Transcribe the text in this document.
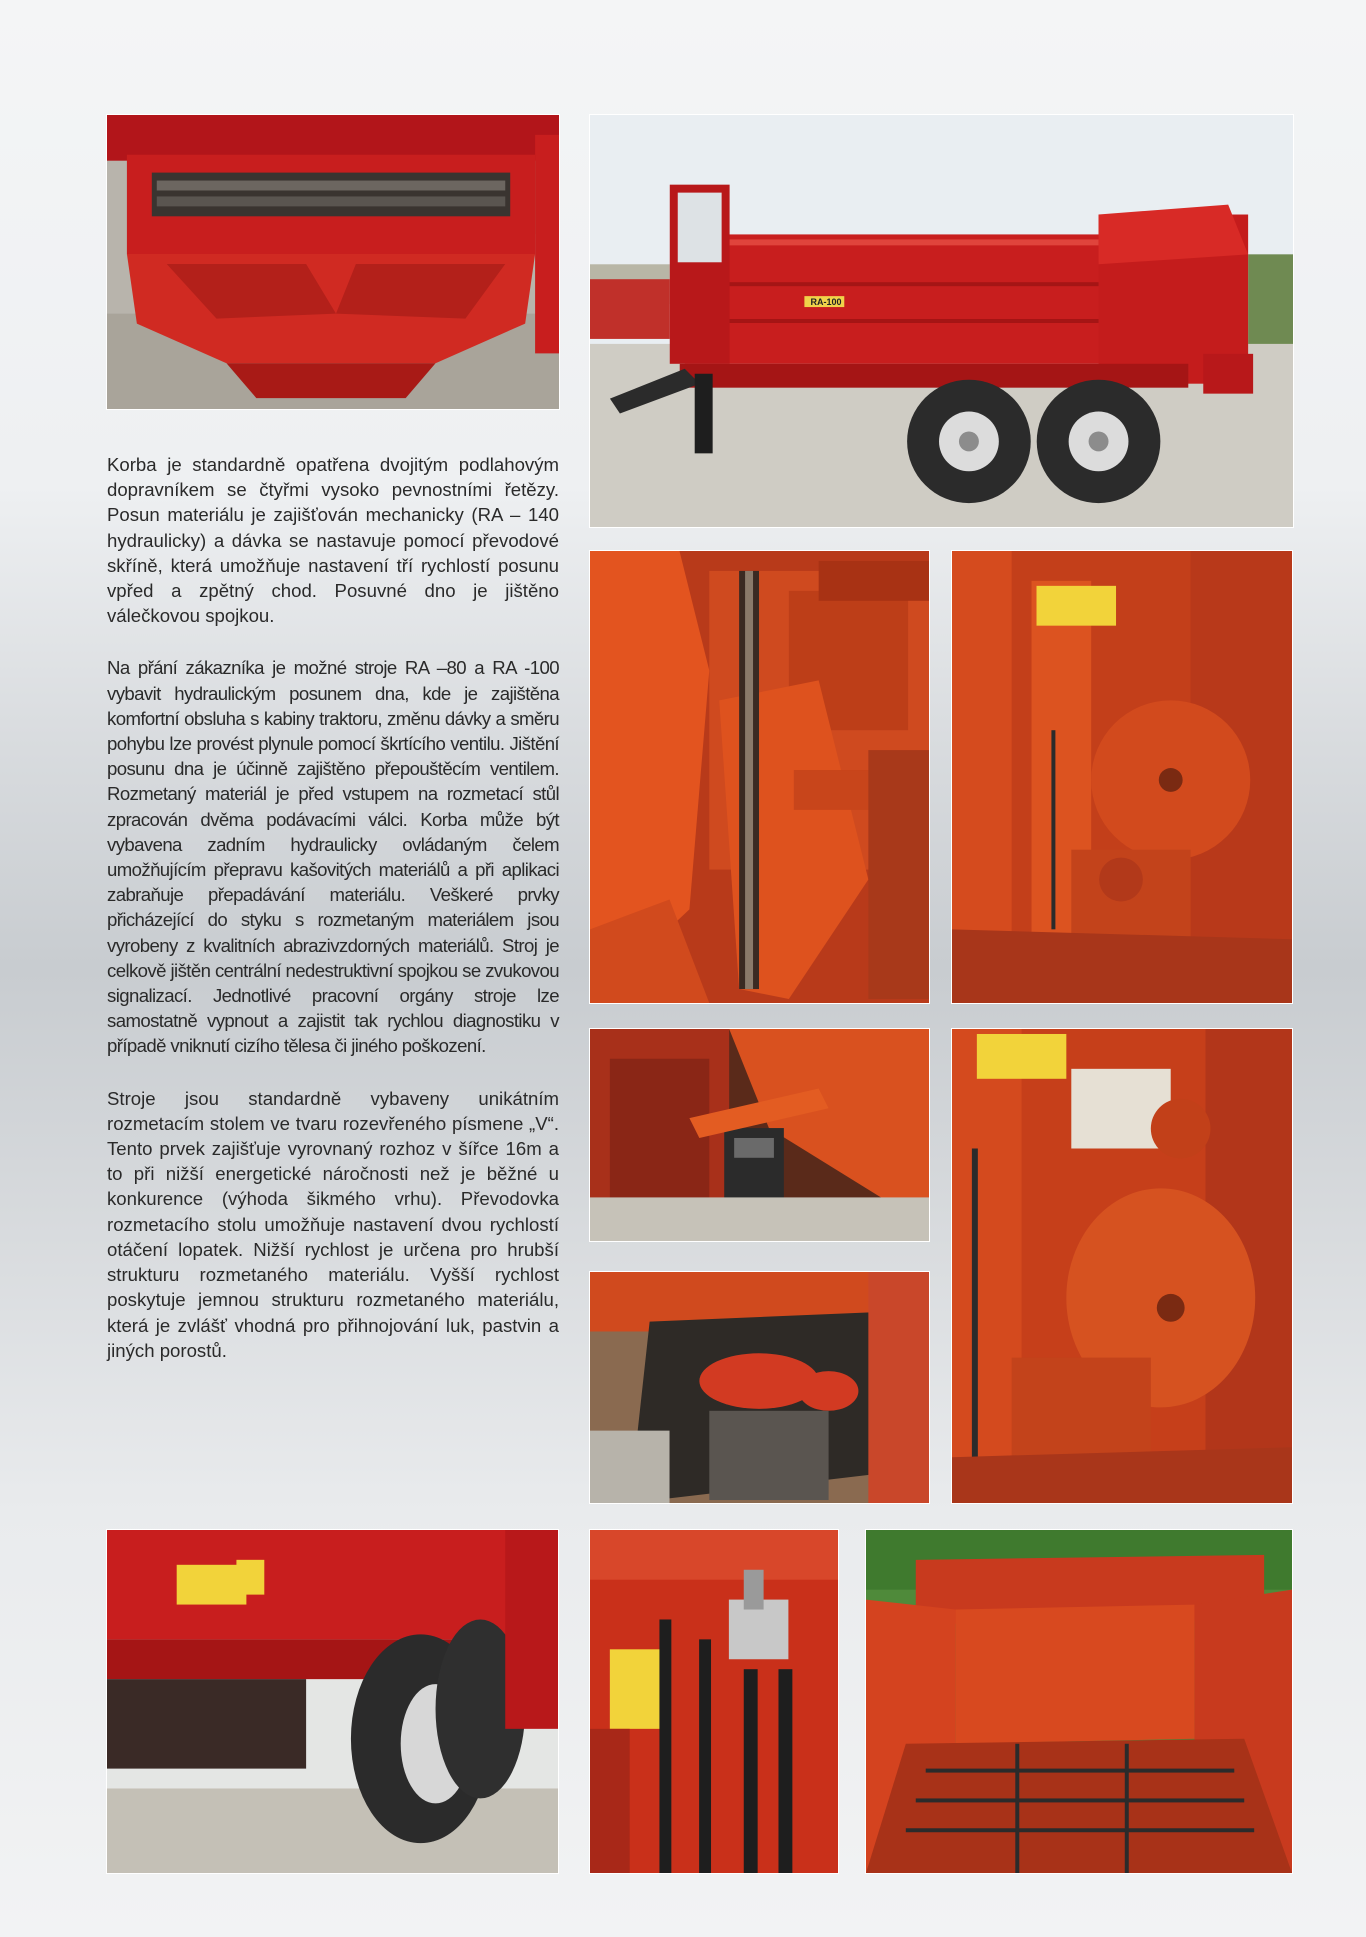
RA-100

Korba je standardně opatřena dvojitým podlahovým dopravníkem se čtyřmi vysoko pevnostními řetězy. Posun materiálu je zajišťován mechanicky (RA – 140 hydraulicky) a dávka se nastavuje pomocí převodové skříně, která umožňuje nastavení tří rychlostí posunu vpřed a zpětný chod. Posuvné dno je jištěno válečkovou spojkou.

Na přání zákazníka je možné stroje RA –80 a RA -100 vybavit hydraulickým posunem dna, kde je zajištěna komfortní obsluha s kabiny traktoru, změnu dávky a směru pohybu lze provést plynule pomocí škrtícího ventilu. Jištění posunu dna je účinně zajištěno přepouštěcím ventilem. Rozmetaný materiál je před vstupem na rozmetací stůl zpracován dvěma podávacími válci. Korba může být vybavena zadním hydraulicky ovládaným čelem umožňujícím přepravu kašovitých materiálů a při aplikaci zabraňuje přepadávání materiálu. Veškeré prvky přicházející do styku s rozmetaným materiálem jsou vyrobeny z kvalitních abrazivzdorných materiálů. Stroj je celkově jištěn centrální nedestruktivní spojkou se zvukovou signalizací. Jednotlivé pracovní orgány stroje lze samostatně vypnout a zajistit tak rychlou diagnostiku v případě vniknutí cizího tělesa či jiného poškození.

Stroje jsou standardně vybaveny unikátním rozmetacím stolem ve tvaru rozevřeného písmene „V“. Tento prvek zajišťuje vyrovnaný rozhoz v šířce 16m a to při nižší energetické náročnosti než je běžné u konkurence (výhoda šikmého vrhu). Převodovka rozmetacího stolu umožňuje nastavení dvou rychlostí otáčení lopatek. Nižší rychlost je určena pro hrubší strukturu rozmetaného materiálu. Vyšší rychlost poskytuje jemnou strukturu rozmetaného materiálu, která je zvlášť vhodná pro přihnojování luk, pastvin a jiných porostů.
